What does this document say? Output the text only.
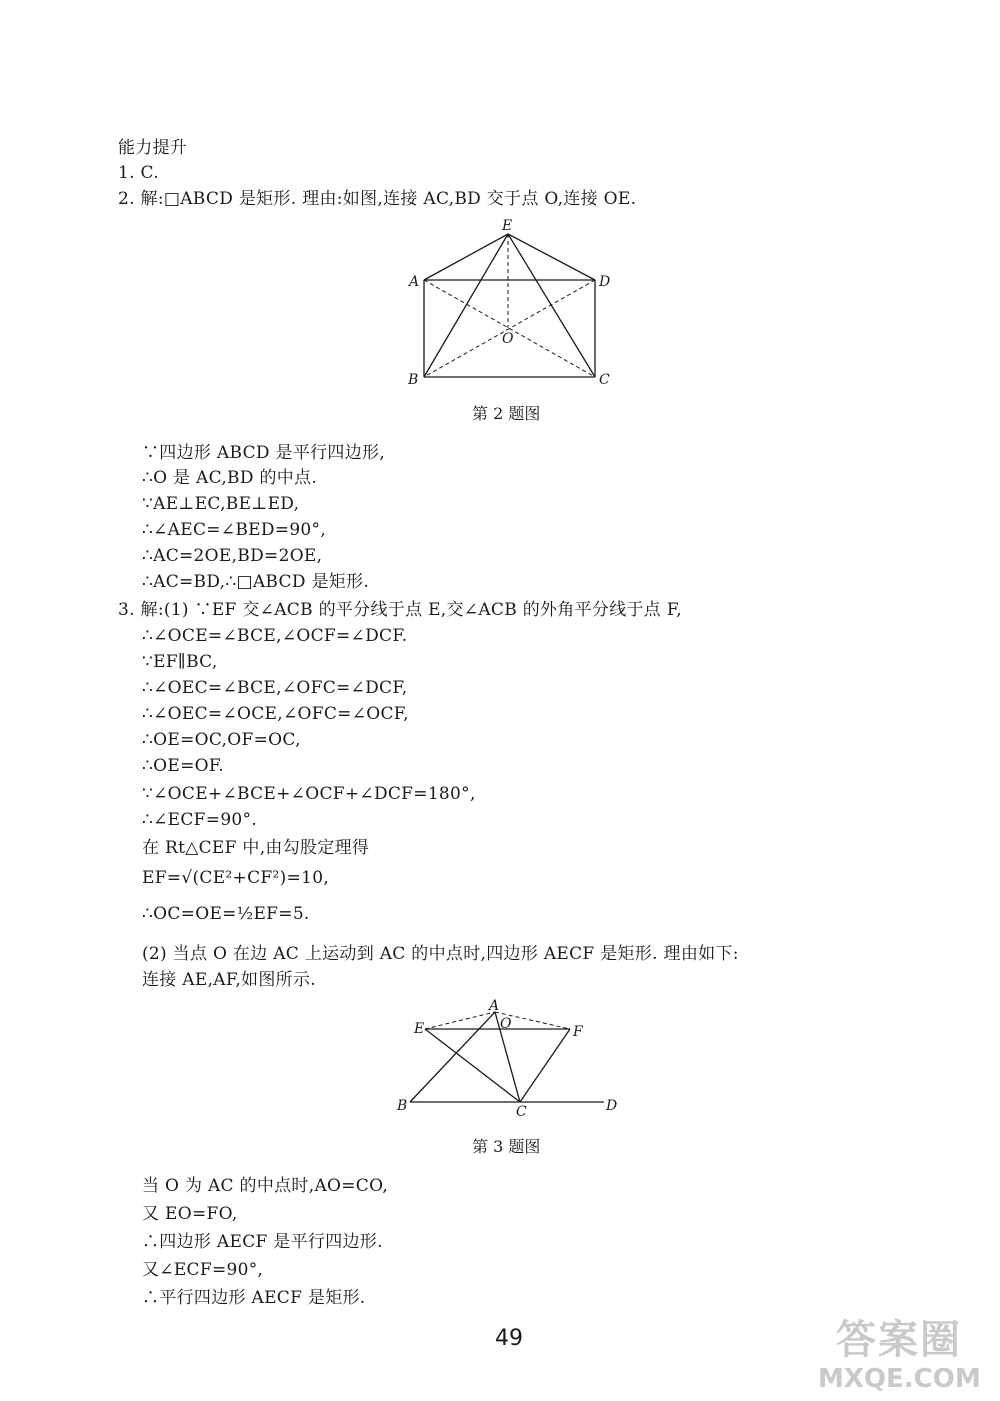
能力提升
1. C.
2. 解:□ABCD 是矩形. 理由:如图,连接 AC,BD 交于点 O,连接 OE.
E
A	D
O
B	C
第 2 题图
∵四边形 ABCD 是平行四边形,
∴O 是 AC,BD 的中点.
∵AE⊥EC,BE⊥ED,
∴∠AEC=∠BED=90°,
∴AC=2OE,BD=2OE,
∴AC=BD,∴□ABCD 是矩形.
3. 解:(1) ∵EF 交∠ACB 的平分线于点 E,交∠ACB 的外角平分线于点 F,
∴∠OCE=∠BCE,∠OCF=∠DCF.
∵EF∥BC,
∴∠OEC=∠BCE,∠OFC=∠DCF,
∴∠OEC=∠OCE,∠OFC=∠OCF,
∴OE=OC,OF=OC,
∴OE=OF.
∵∠OCE+∠BCE+∠OCF+∠DCF=180°,
∴∠ECF=90°.
在 Rt△CEF 中,由勾股定理得
EF=√(CE²+CF²)=10,
∴OC=OE=½EF=5.
(2) 当点 O 在边 AC 上运动到 AC 的中点时,四边形 AECF 是矩形. 理由如下:
连接 AE,AF,如图所示.
A
E	O	F
B	C	D
第 3 题图
当 O 为 AC 的中点时,AO=CO,
又 EO=FO,
∴四边形 AECF 是平行四边形.
又∠ECF=90°,
∴平行四边形 AECF 是矩形.
49	答案圈
MXQE.COM
